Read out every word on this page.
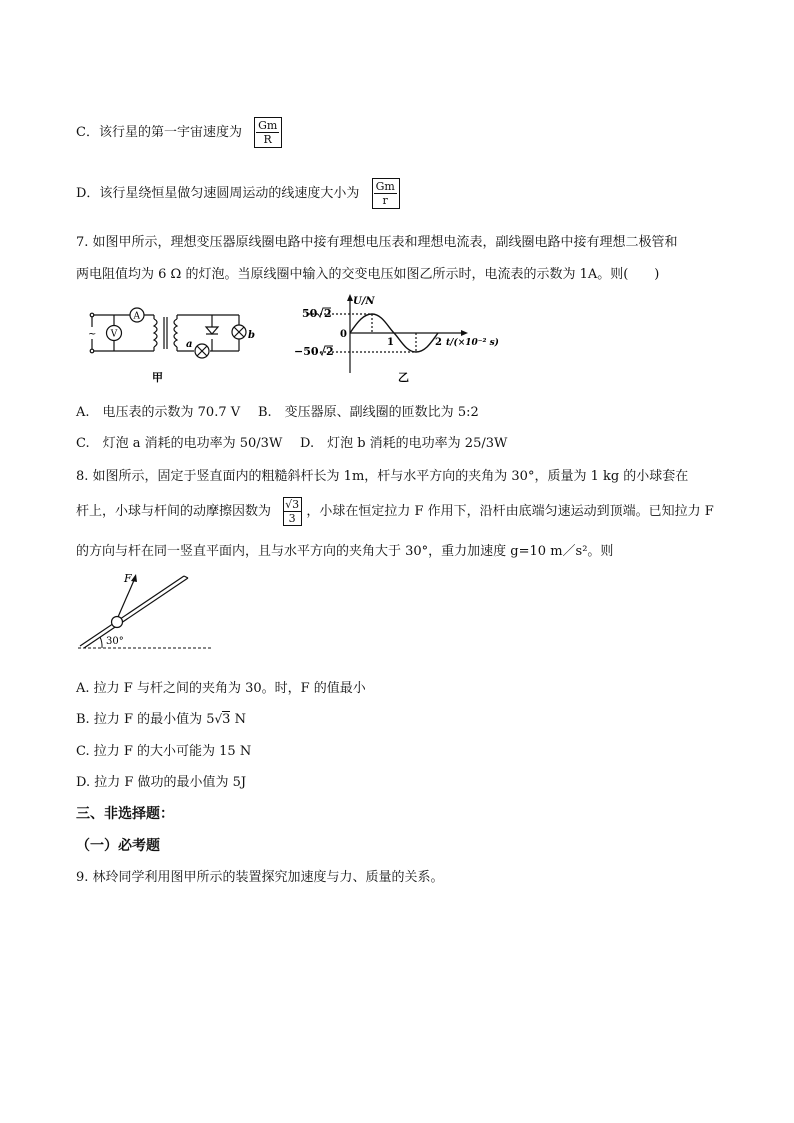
C．该行星的第一宇宙速度为 $\frac{Gm}{R}$
D．该行星绕恒星做匀速圆周运动的线速度大小为 $\frac{Gm}{r}$
7. 如图甲所示，理想变压器原线圈电路中接有理想电压表和理想电流表，副线圈电路中接有理想二极管和
两电阻值均为 6 Ω 的灯泡。当原线圈中输入的交变电压如图乙所示时，电流表的示数为 1A。则(　　)
~
A
V
a
b
甲
U/N
50 2
0
−50 2
1	2 t/(×10⁻² s)
乙
A.　电压表的示数为 70.7 V B.　变压器原、副线圈的匝数比为 5:2
C.　灯泡 a 消耗的电功率为 50/3W D.　灯泡 b 消耗的电功率为 25/3W
8. 如图所示，固定于竖直面内的粗糙斜杆长为 1m，杆与水平方向的夹角为 30°，质量为 1 kg 的小球套在
杆上，小球与杆间的动摩擦因数为 $\frac{√3}{3}$ ，小球在恒定拉力 F 作用下，沿杆由底端匀速运动到顶端。已知拉力 F
的方向与杆在同一竖直平面内，且与水平方向的夹角大于 30°，重力加速度 g=10 m／s²。则
30°
F
A. 拉力 F 与杆之间的夹角为 30。时，F 的值最小
B. 拉力 F 的最小值为 5√3 N
C. 拉力 F 的大小可能为 15 N
D. 拉力 F 做功的最小值为 5J
三、非选择题：
（一）必考题
9. 林玲同学利用图甲所示的装置探究加速度与力、质量的关系。
